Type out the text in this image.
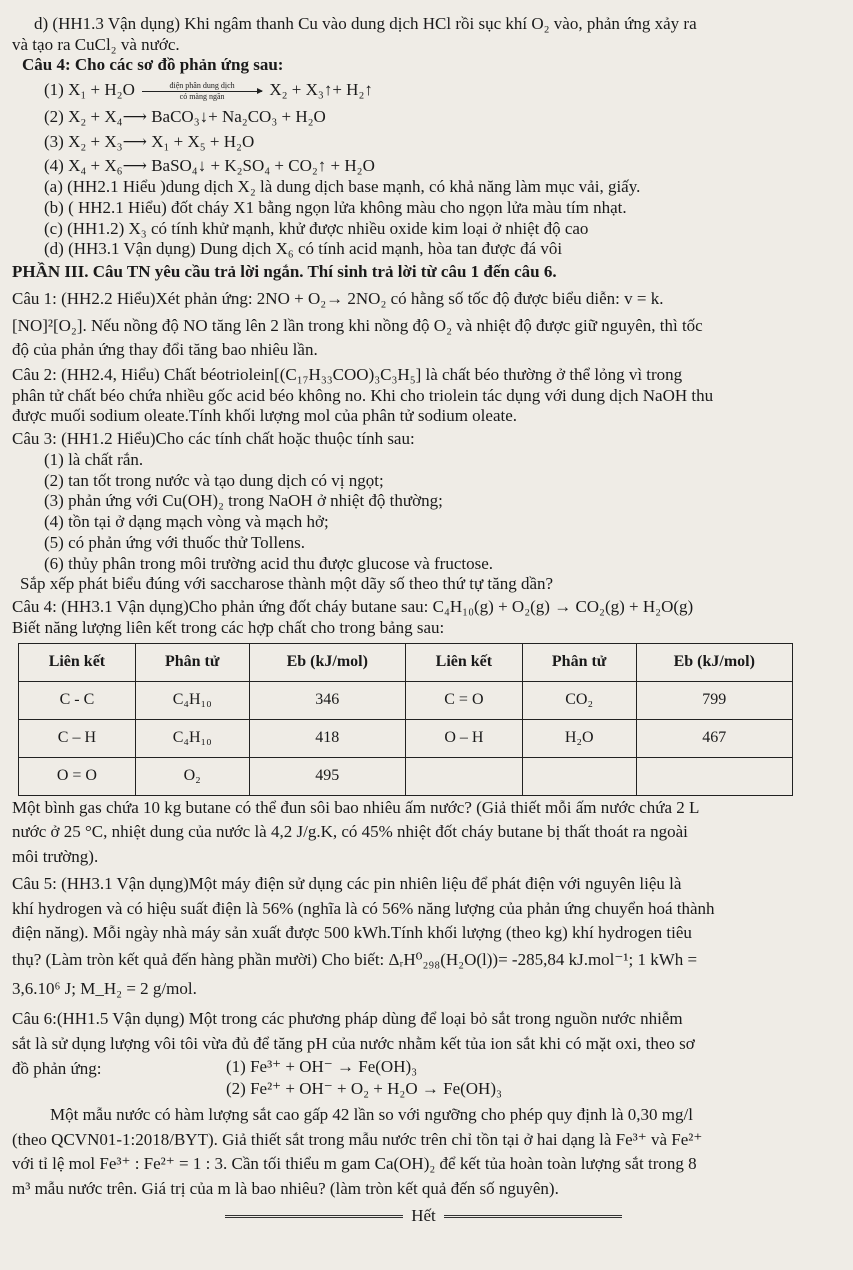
d) (HH1.3 Vận dụng) Khi ngâm thanh Cu vào dung dịch HCl rồi sục khí O₂ vào, phản ứng xảy ra

và tạo ra CuCl₂ và nước.

Câu 4: Cho các sơ đồ phản ứng sau:

(1) X₁ + H₂O	điện phân dung dịch
có màng ngăn	X₂ + X₃↑+ H₂↑

(2) X₂ + X₄⟶ BaCO₃↓+ Na₂CO₃ + H₂O

(3) X₂ + X₃⟶ X₁ + X₅ + H₂O

(4) X₄ + X₆⟶ BaSO₄↓ + K₂SO₄ + CO₂↑ + H₂O

(a) (HH2.1 Hiểu )dung dịch X₂ là dung dịch base mạnh, có khả năng làm mục vải, giấy.

(b) ( HH2.1 Hiểu) đốt cháy X1 bằng ngọn lửa không màu cho ngọn lửa màu tím nhạt.

(c) (HH1.2) X₃ có tính khử mạnh, khử được nhiều oxide kim loại ở nhiệt độ cao

(d) (HH3.1 Vận dụng) Dung dịch X₆ có tính acid mạnh, hòa tan được đá vôi

PHẦN III. Câu TN yêu cầu trả lời ngắn. Thí sinh trả lời từ câu 1 đến câu 6.

Câu 1: (HH2.2 Hiểu)Xét phản ứng: 2NO + O₂→ 2NO₂ có hằng số tốc độ được biểu diễn: v = k.

[NO]²[O₂]. Nếu nồng độ NO tăng lên 2 lần trong khi nồng độ O₂ và nhiệt độ được giữ nguyên, thì tốc

độ của phản ứng thay đổi tăng bao nhiêu lần.

Câu 2: (HH2.4, Hiểu) Chất béotriolein[(C₁₇H₃₃COO)₃C₃H₅] là chất béo thường ở thể lỏng vì trong

phân tử chất béo chứa nhiều gốc acid béo không no. Khi cho triolein tác dụng với dung dịch NaOH thu

được muối sodium oleate.Tính khối lượng mol của phân tử sodium oleate.

Câu 3: (HH1.2 Hiểu)Cho các tính chất hoặc thuộc tính sau:

(1) là chất rắn.

(2) tan tốt trong nước và tạo dung dịch có vị ngọt;

(3) phản ứng với Cu(OH)₂ trong NaOH ở nhiệt độ thường;

(4) tồn tại ở dạng mạch vòng và mạch hở;

(5) có phản ứng với thuốc thử Tollens.

(6) thủy phân trong môi trường acid thu được glucose và fructose.

Sắp xếp phát biểu đúng với saccharose thành một dãy số theo thứ tự tăng dần?

Câu 4: (HH3.1 Vận dụng)Cho phản ứng đốt cháy butane sau: C₄H₁₀(g) + O₂(g) → CO₂(g) + H₂O(g)

Biết năng lượng liên kết trong các hợp chất cho trong bảng sau:

Liên kết	Phân tử	Eb (kJ/mol)	Liên kết	Phân tử	Eb (kJ/mol)
C - C	C₄H₁₀	346	C = O	CO₂	799
C – H	C₄H₁₀	418	O – H	H₂O	467
O = O	O₂	495			

Một bình gas chứa 10 kg butane có thể đun sôi bao nhiêu ấm nước? (Giả thiết mỗi ấm nước chứa 2 L

nước ở 25 °C, nhiệt dung của nước là 4,2 J/g.K, có 45% nhiệt đốt cháy butane bị thất thoát ra ngoài

môi trường).

Câu 5: (HH3.1 Vận dụng)Một máy điện sử dụng các pin nhiên liệu để phát điện với nguyên liệu là

khí hydrogen và có hiệu suất điện là 56% (nghĩa là có 56% năng lượng của phản ứng chuyển hoá thành

điện năng). Mỗi ngày nhà máy sản xuất được 500 kWh.Tính khối lượng (theo kg) khí hydrogen tiêu

thụ? (Làm tròn kết quả đến hàng phần mười) Cho biết: ΔᵣH⁰₂₉₈(H₂O(l))= -285,84 kJ.mol⁻¹; 1 kWh =

3,6.10⁶ J; M_H₂ = 2 g/mol.

Câu 6:(HH1.5 Vận dụng) Một trong các phương pháp dùng để loại bỏ sắt trong nguồn nước nhiễm

sắt là sử dụng lượng vôi tôi vừa đủ để tăng pH của nước nhằm kết tủa ion sắt khi có mặt oxi, theo sơ

đồ phản ứng:	(1) Fe³⁺ + OH⁻ → Fe(OH)₃

(2) Fe²⁺ + OH⁻ + O₂ + H₂O → Fe(OH)₃

Một mẫu nước có hàm lượng sắt cao gấp 42 lần so với ngưỡng cho phép quy định là 0,30 mg/l

(theo QCVN01-1:2018/BYT). Giả thiết sắt trong mẫu nước trên chỉ tồn tại ở hai dạng là Fe³⁺ và Fe²⁺

với tỉ lệ mol Fe³⁺ : Fe²⁺ = 1 : 3. Cần tối thiểu m gam Ca(OH)₂ để kết tủa hoàn toàn lượng sắt trong 8

m³ mẫu nước trên. Giá trị của m là bao nhiêu? (làm tròn kết quả đến số nguyên).

Hết
